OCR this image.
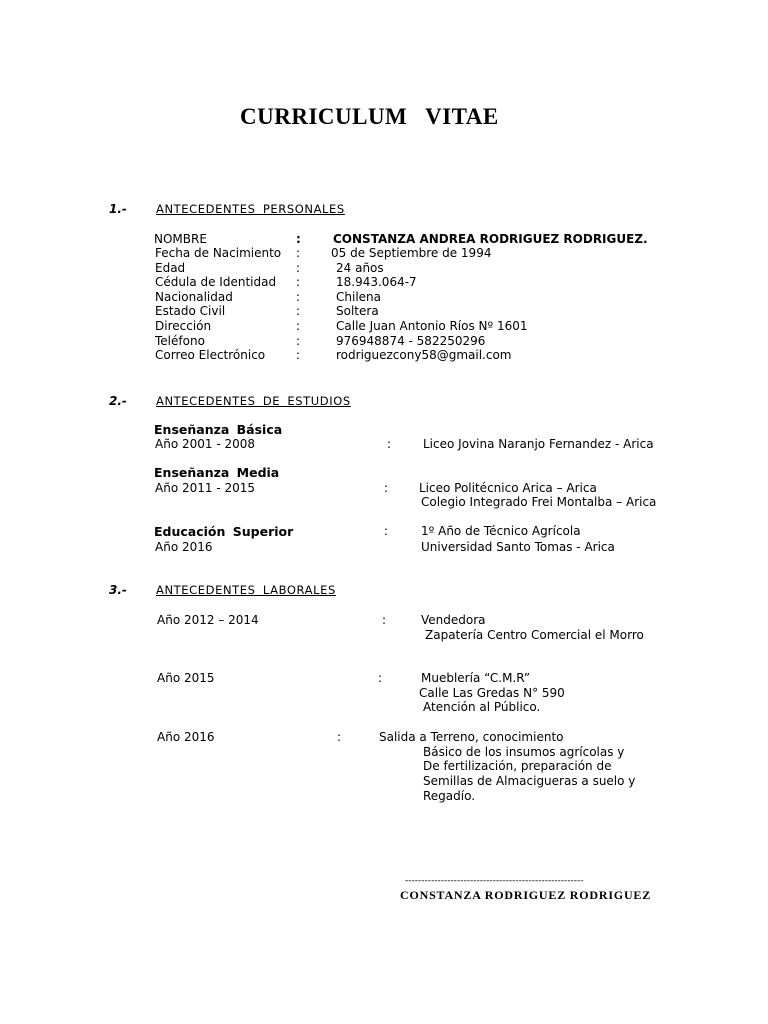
CURRICULUM VITAE
1.-	ANTECEDENTES PERSONALES
NOMBRE	:	CONSTANZA ANDREA RODRIGUEZ RODRIGUEZ.
Fecha de Nacimiento :	05 de Septiembre de 1994
Edad	:	24 años
Cédula de Identidad :	18.943.064-7
Nacionalidad	:	Chilena
Estado Civil	:	Soltera
Dirección	:	Calle Juan Antonio Ríos Nº 1601
Teléfono	:	976948874 - 582250296
Correo Electrónico	:	rodriguezcony58@gmail.com
2.-	ANTECEDENTES DE ESTUDIOS
Enseñanza Básica
Año 2001 - 2008	:	Liceo Jovina Naranjo Fernandez - Arica
Enseñanza Media
Año 2011 - 2015	:	Liceo Politécnico Arica – Arica
Colegio Integrado Frei Montalba – Arica
Educación Superior	:	1º Año de Técnico Agrícola
Año 2016	Universidad Santo Tomas - Arica
3.-	ANTECEDENTES LABORALES
Año 2012 – 2014	:	Vendedora
Zapatería Centro Comercial el Morro
Año 2015	:	Mueblería “C.M.R”
Calle Las Gredas N° 590
Atención al Público.
Año 2016	:	Salida a Terreno, conocimiento
Básico de los insumos agrícolas y
De fertilización, preparación de
Semillas de Almacigueras a suelo y
Regadío.
-------------------------------------------------------
CONSTANZA RODRIGUEZ RODRIGUEZ
